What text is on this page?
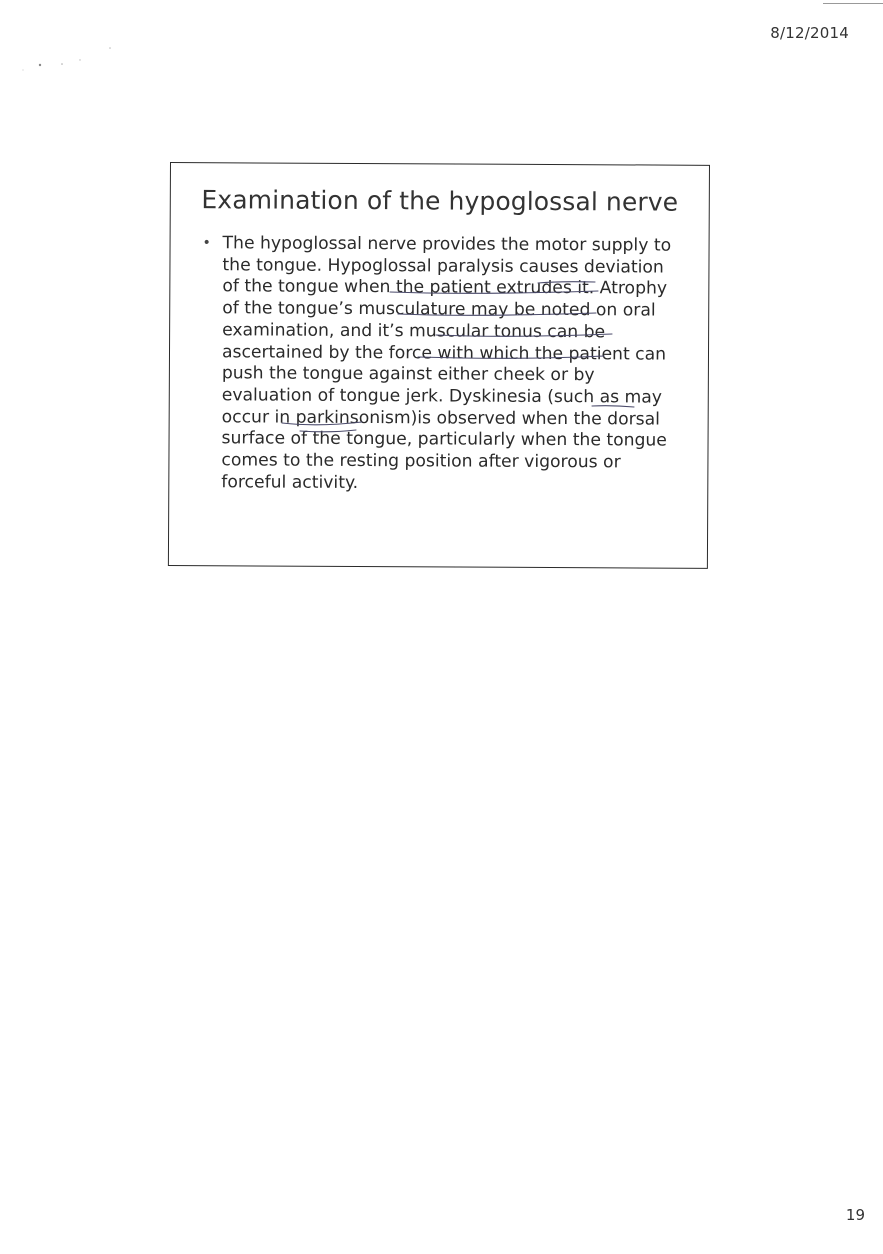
8/12/2014
Examination of the hypoglossal nerve
• The hypoglossal nerve provides the motor supply to the tongue. Hypoglossal paralysis causes deviation of the tongue when the patient extrudes it. Atrophy of the tongue’s musculature may be noted on oral examination, and it’s muscular tonus can be ascertained by the force with which the patient can push the tongue against either cheek or by evaluation of tongue jerk. Dyskinesia (such as may occur in parkinsonism)is observed when the dorsal surface of the tongue, particularly when the tongue comes to the resting position after vigorous or forceful activity.

19
